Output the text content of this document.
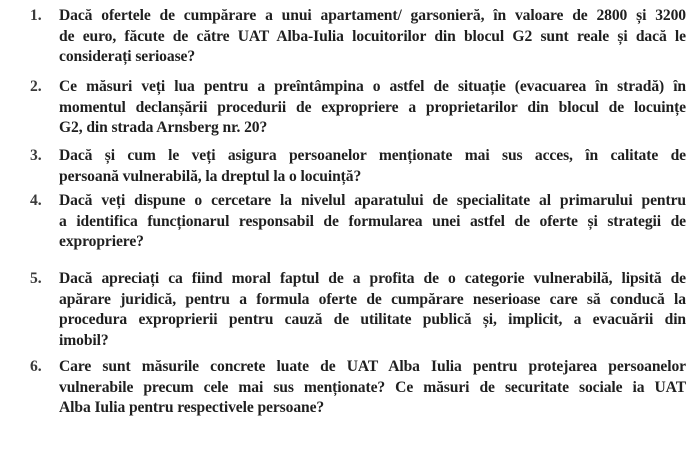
1. Dacă ofertele de cumpărare a unui apartament/ garsonieră, în valoare de 2800 și 3200
de euro, făcute de către UAT Alba-Iulia locuitorilor din blocul G2 sunt reale și dacă le
considerați serioase?
2. Ce măsuri veți lua pentru a preîntâmpina o astfel de situație (evacuarea în stradă) în
momentul declanșării procedurii de expropriere a proprietarilor din blocul de locuințe
G2, din strada Arnsberg nr. 20?
3. Dacă și cum le veți asigura persoanelor menționate mai sus acces, în calitate de
persoană vulnerabilă, la dreptul la o locuință?
4. Dacă veți dispune o cercetare la nivelul aparatului de specialitate al primarului pentru
a identifica funcționarul responsabil de formularea unei astfel de oferte și strategii de
expropriere?
5. Dacă apreciați ca fiind moral faptul de a profita de o categorie vulnerabilă, lipsită de
apărare juridică, pentru a formula oferte de cumpărare neserioase care să conducă la
procedura exproprierii pentru cauză de utilitate publică și, implicit, a evacuării din
imobil?
6. Care sunt măsurile concrete luate de UAT Alba Iulia pentru protejarea persoanelor
vulnerabile precum cele mai sus menționate? Ce măsuri de securitate sociale ia UAT
Alba Iulia pentru respectivele persoane?
